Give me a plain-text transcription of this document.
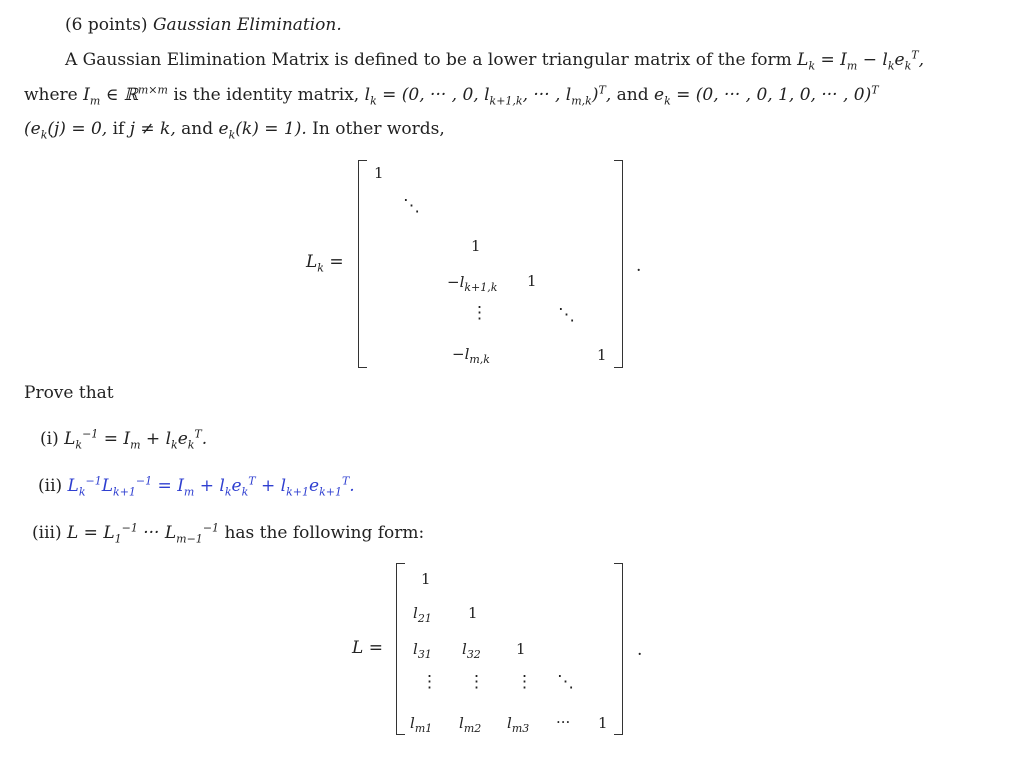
(6 points) Gaussian Elimination.
A Gaussian Elimination Matrix is defined to be a lower triangular matrix of the form $L_k = I_m - l_ke_k^T$,
where $I_m$ ∈ ℝ$^{m\times m}$ is the identity matrix, $l_k = (0$, ··· , 0, $l_{k+1,k}$, ··· , $l_{m,k})^T$, and $e_k = (0$, ··· , 0, 1, 0, ··· , 0)$^T$
($e_k(j) = 0$, if j ≠ k, and $e_k(k) = 1$). In other words,
$L_k$ =
1
⋱
1
$-l_{k+1,k}$ 1
⋮	⋱
$-l_{m,k}$	1
.
Prove that
(i) $L_k^{-1} = I_m + l_ke_k^T$.
(ii) $L_k^{-1}L_{k+1}^{-1} = I_m + l_ke_k^T + l_{k+1}e_{k+1}^T$.
(iii) $L = L_1^{-1}$ ··· $L_{m-1}^{-1}$ has the following form:
L =
1
$l_{21}$ 1
$l_{31}$ $l_{32}$ 1
⋮ ⋮ ⋮ ⋱
$l_{m1}$ $l_{m2}$ $l_{m3}$ ··· 1
.
